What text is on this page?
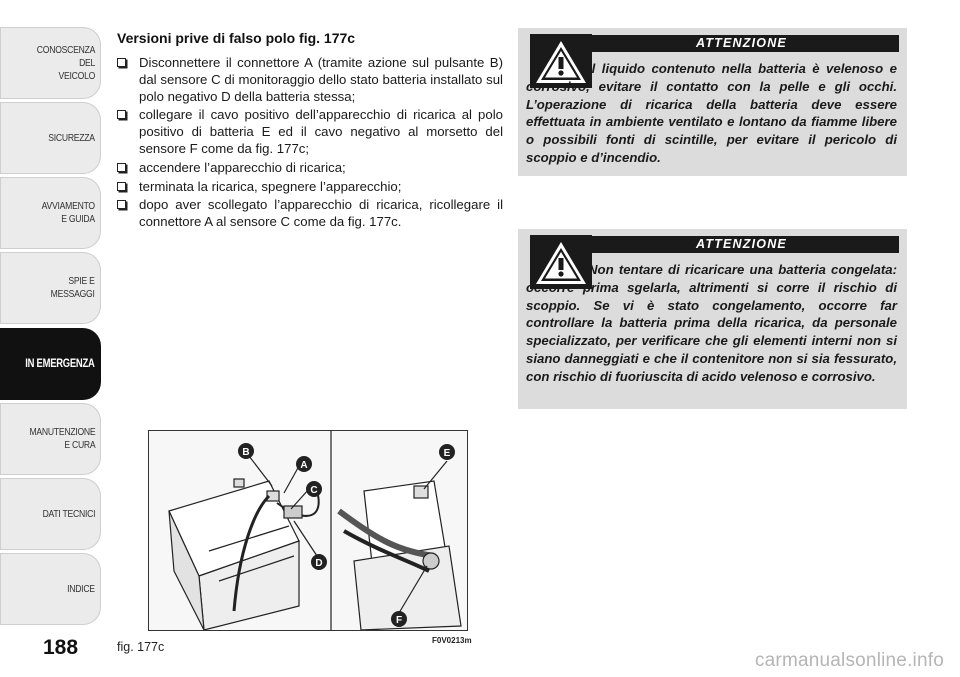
CONOSCENZA
DEL
VEICOLO
SICUREZZA
AVVIAMENTO
E GUIDA
SPIE E
MESSAGGI
IN EMERGENZA
MANUTENZIONE
E CURA
DATI TECNICI
INDICE
188
Versioni prive di falso polo fig. 177c
Disconnettere il connettore A (tramite azione sul pulsante B) dal sensore C di monitoraggio dello stato batteria installato sul polo negativo D della batteria stessa;
collegare il cavo positivo dell’apparecchio di ricarica al polo positivo di batteria E ed il cavo negativo al morsetto del sensore F come da fig. 177c;
accendere l’apparecchio di ricarica;
terminata la ricarica, spegnere l’apparecchio;
dopo aver scollegato l’apparecchio di ricarica, ricollegare il connettore A al sensore C come da fig. 177c.
ATTENZIONE
Il liquido contenuto nella batteria è velenoso e corrosivo, evitare il contatto con la pelle e gli occhi. L’operazione di ricarica della batteria deve essere effettuata in ambiente ventilato e lontano da fiamme libere o possibili fonti di scintille, per evitare il pericolo di scoppio e d’incendio.
ATTENZIONE
Non tentare di ricaricare una batteria congelata: occorre prima sgelarla, altrimenti si corre il rischio di scoppio. Se vi è stato congelamento, occorre far controllare la batteria prima della ricarica, da personale specializzato, per verificare che gli elementi interni non si siano danneggiati e che il contenitore non si sia fessurato, con rischio di fuoriuscita di acido velenoso e corrosivo.
B
A
C
D
E
F
fig. 177c	F0V0213m
carmanualsonline.info
